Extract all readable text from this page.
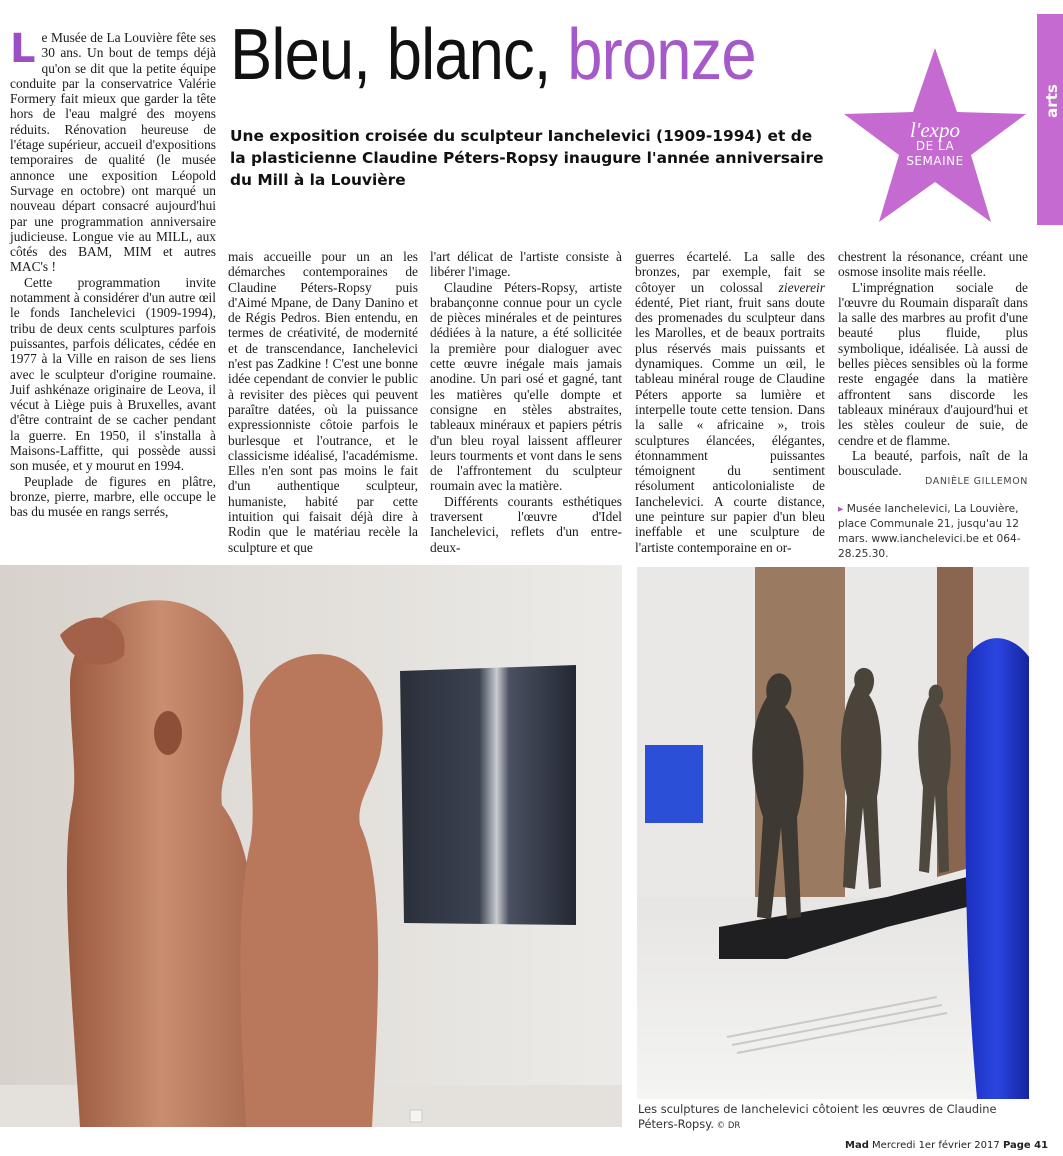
Bleu, blanc, bronze
Une exposition croisée du sculpteur Ianchelevici (1909-1994) et de la plasticienne Claudine Péters-Ropsy inaugure l'année anniversaire du Mill à la Louvière
arts
l'expo
DE LA
SEMAINE

Le Musée de La Louvière fête ses 30 ans. Un bout de temps déjà qu'on se dit que la petite équipe conduite par la conservatrice Valérie Formery fait mieux que garder la tête hors de l'eau malgré des moyens réduits. Rénovation heureuse de l'étage supérieur, accueil d'expositions temporaires de qualité (le musée annonce une exposition Léopold Survage en octobre) ont marqué un nouveau départ consacré aujourd'hui par une programmation anniversaire judicieuse. Longue vie au MILL, aux côtés des BAM, MIM et autres MAC's !

Cette programmation invite notamment à considérer d'un autre œil le fonds Ianchelevici (1909-1994), tribu de deux cents sculptures parfois puissantes, parfois délicates, cédée en 1977 à la Ville en raison de ses liens avec le sculpteur d'origine roumaine. Juif ashkénaze originaire de Leova, il vécut à Liège puis à Bruxelles, avant d'être contraint de se cacher pendant la guerre. En 1950, il s'installa à Maisons-Laffitte, qui possède aussi son musée, et y mourut en 1994.

Peuplade de figures en plâtre, bronze, pierre, marbre, elle occupe le bas du musée en rangs serrés,

mais accueille pour un an les démarches contemporaines de Claudine Péters-Ropsy puis d'Aimé Mpane, de Dany Danino et de Régis Pedros. Bien entendu, en termes de créativité, de modernité et de transcendance, Ianchelevici n'est pas Zadkine ! C'est une bonne idée cependant de convier le public à revisiter des pièces qui peuvent paraître datées, où la puissance expressionniste côtoie parfois le burlesque et l'outrance, et le classicisme idéalisé, l'académisme. Elles n'en sont pas moins le fait d'un authentique sculpteur, humaniste, habité par cette intuition qui faisait déjà dire à Rodin que le matériau recèle la sculpture et que

l'art délicat de l'artiste consiste à libérer l'image.

Claudine Péters-Ropsy, artiste brabançonne connue pour un cycle de pièces minérales et de peintures dédiées à la nature, a été sollicitée la première pour dialoguer avec cette œuvre inégale mais jamais anodine. Un pari osé et gagné, tant les matières qu'elle dompte et consigne en stèles abstraites, tableaux minéraux et papiers pétris d'un bleu royal laissent affleurer leurs tourments et vont dans le sens de l'affrontement du sculpteur roumain avec la matière.

Différents courants esthétiques traversent l'œuvre d'Idel Ianchelevici, reflets d'un entre-deux-

guerres écartelé. La salle des bronzes, par exemple, fait se côtoyer un colossal zievereir édenté, Piet riant, fruit sans doute des promenades du sculpteur dans les Marolles, et de beaux portraits plus réservés mais puissants et dynamiques. Comme un œil, le tableau minéral rouge de Claudine Péters apporte sa lumière et interpelle toute cette tension. Dans la salle « africaine », trois sculptures élancées, élégantes, étonnamment puissantes témoignent du sentiment résolument anticolonialiste de Ianchelevici. A courte distance, une peinture sur papier d'un bleu ineffable et une sculpture de l'artiste contemporaine en or-

chestrent la résonance, créant une osmose insolite mais réelle.

L'imprégnation sociale de l'œuvre du Roumain disparaît dans la salle des marbres au profit d'une beauté plus fluide, plus symbolique, idéalisée. Là aussi de belles pièces sensibles où la forme reste engagée dans la matière affrontent sans discorde les tableaux minéraux d'aujourd'hui et les stèles couleur de suie, de cendre et de flamme.

La beauté, parfois, naît de la bousculade.

DANIÈLE GILLEMON
▸ Musée Ianchelevici, La Louvière, place Communale 21, jusqu'au 12 mars. www.ianchelevici.be et 064-28.25.30.
Les sculptures de Ianchelevici côtoient les œuvres de Claudine Péters-Ropsy. © DR
Mad Mercredi 1er février 2017 Page 41
